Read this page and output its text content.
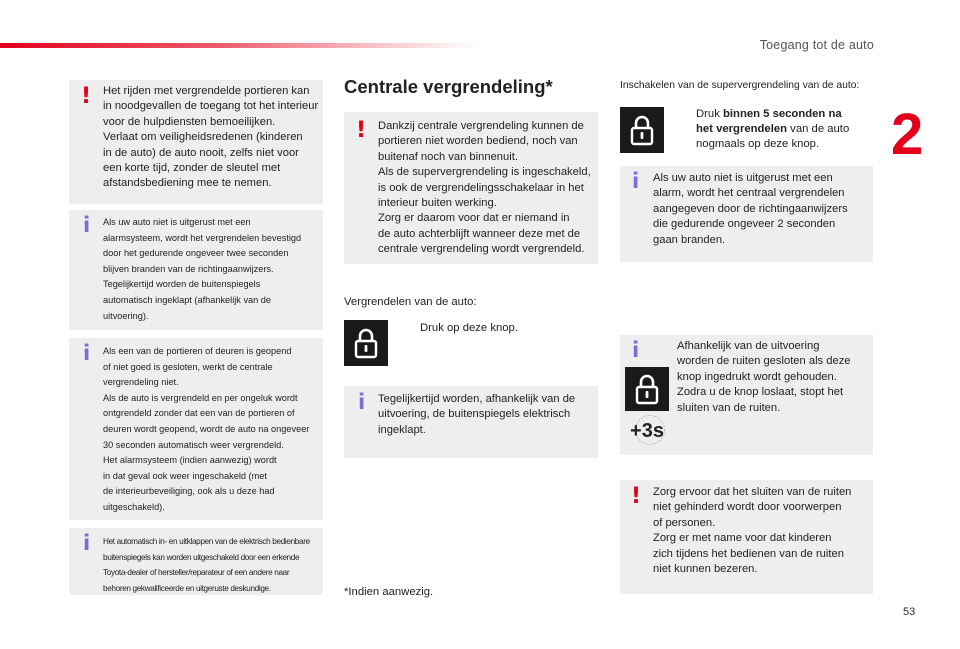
Toegang tot de auto
2
! Het rijden met vergrendelde portieren kan
in noodgevallen de toegang tot het interieur
voor de hulpdiensten bemoeilijken.
Verlaat om veiligheidsredenen (kinderen
in de auto) de auto nooit, zelfs niet voor
een korte tijd, zonder de sleutel met
afstandsbediening mee te nemen.
i Als uw auto niet is uitgerust met een
alarmsysteem, wordt het vergrendelen bevestigd
door het gedurende ongeveer twee seconden
blijven branden van de richtingaanwijzers.
Tegelijkertijd worden de buitenspiegels
automatisch ingeklapt (afhankelijk van de
uitvoering).
i Als een van de portieren of deuren is geopend
of niet goed is gesloten, werkt de centrale
vergrendeling niet.
Als de auto is vergrendeld en per ongeluk wordt
ontgrendeld zonder dat een van de portieren of
deuren wordt geopend, wordt de auto na ongeveer
30 seconden automatisch weer vergrendeld.
Het alarmsysteem (indien aanwezig) wordt
in dat geval ook weer ingeschakeld (met
de interieurbeveiliging, ook als u deze had
uitgeschakeld).
i Het automatisch in- en uitklappen van de elektrisch bedienbare
buitenspiegels kan worden uitgeschakeld door een erkende
Toyota-dealer of hersteller/reparateur of een andere naar
behoren gekwalificeerde en uitgeruste deskundige.
Centrale vergrendeling*
! Dankzij centrale vergrendeling kunnen de
portieren niet worden bediend, noch van
buitenaf noch van binnenuit.
Als de supervergrendeling is ingeschakeld,
is ook de vergrendelingsschakelaar in het
interieur buiten werking.
Zorg er daarom voor dat er niemand in
de auto achterblijft wanneer deze met de
centrale vergrendeling wordt vergrendeld.
Vergrendelen van de auto:
Druk op deze knop.
i Tegelijkertijd worden, afhankelijk van de
uitvoering, de buitenspiegels elektrisch
ingeklapt.
*Indien aanwezig.
Inschakelen van de supervergrendeling van de auto:
Druk binnen 5 seconden na
het vergrendelen van de auto
nogmaals op deze knop.
i Als uw auto niet is uitgerust met een
alarm, wordt het centraal vergrendelen
aangegeven door de richtingaanwijzers
die gedurende ongeveer 2 seconden
gaan branden.
i	Afhankelijk van de uitvoering
worden de ruiten gesloten als deze
knop ingedrukt wordt gehouden.
Zodra u de knop loslaat, stopt het
sluiten van de ruiten.
+3s
! Zorg ervoor dat het sluiten van de ruiten
niet gehinderd wordt door voorwerpen
of personen.
Zorg er met name voor dat kinderen
zich tijdens het bedienen van de ruiten
niet kunnen bezeren.
53
